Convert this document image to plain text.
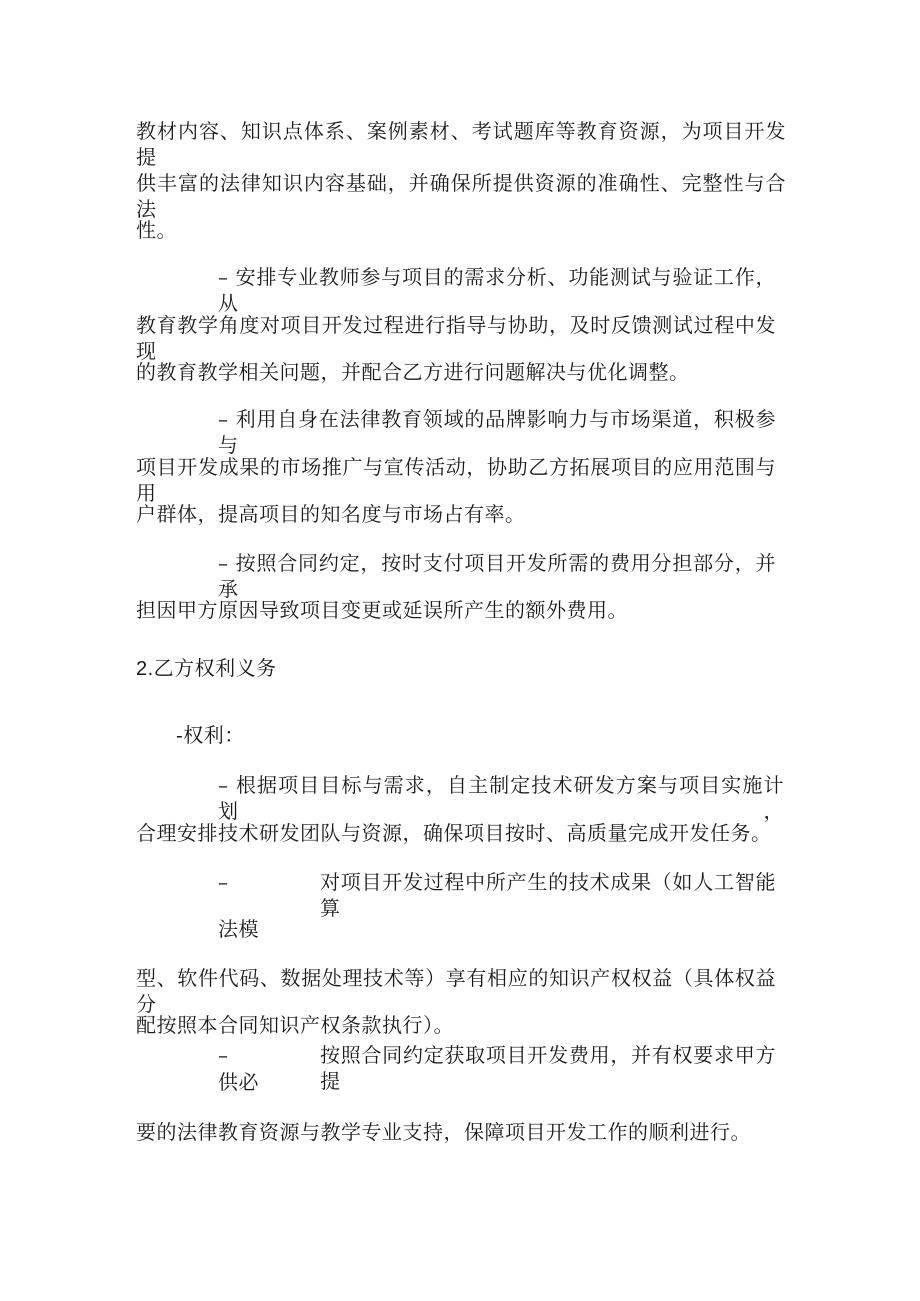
教材内容、知识点体系、案例素材、考试题库等教育资源，为项目开发提
供丰富的法律知识内容基础，并确保所提供资源的准确性、完整性与合法
性。
– 安排专业教师参与项目的需求分析、功能测试与验证工作，从
教育教学角度对项目开发过程进行指导与协助，及时反馈测试过程中发现
的教育教学相关问题，并配合乙方进行问题解决与优化调整。
– 利用自身在法律教育领域的品牌影响力与市场渠道，积极参与
项目开发成果的市场推广与宣传活动，协助乙方拓展项目的应用范围与用
户群体，提高项目的知名度与市场占有率。
– 按照合同约定，按时支付项目开发所需的费用分担部分，并承
担因甲方原因导致项目变更或延误所产生的额外费用。
2.乙方权利义务
-权利：
– 根据项目目标与需求，自主制定技术研发方案与项目实施计划，
合理安排技术研发团队与资源，确保项目按时、高质量完成开发任务。
–	对项目开发过程中所产生的技术成果（如人工智能算
法模
型、软件代码、数据处理技术等）享有相应的知识产权权益（具体权益分
配按照本合同知识产权条款执行）。
–	按照合同约定获取项目开发费用，并有权要求甲方提
供必
要的法律教育资源与教学专业支持，保障项目开发工作的顺利进行。
